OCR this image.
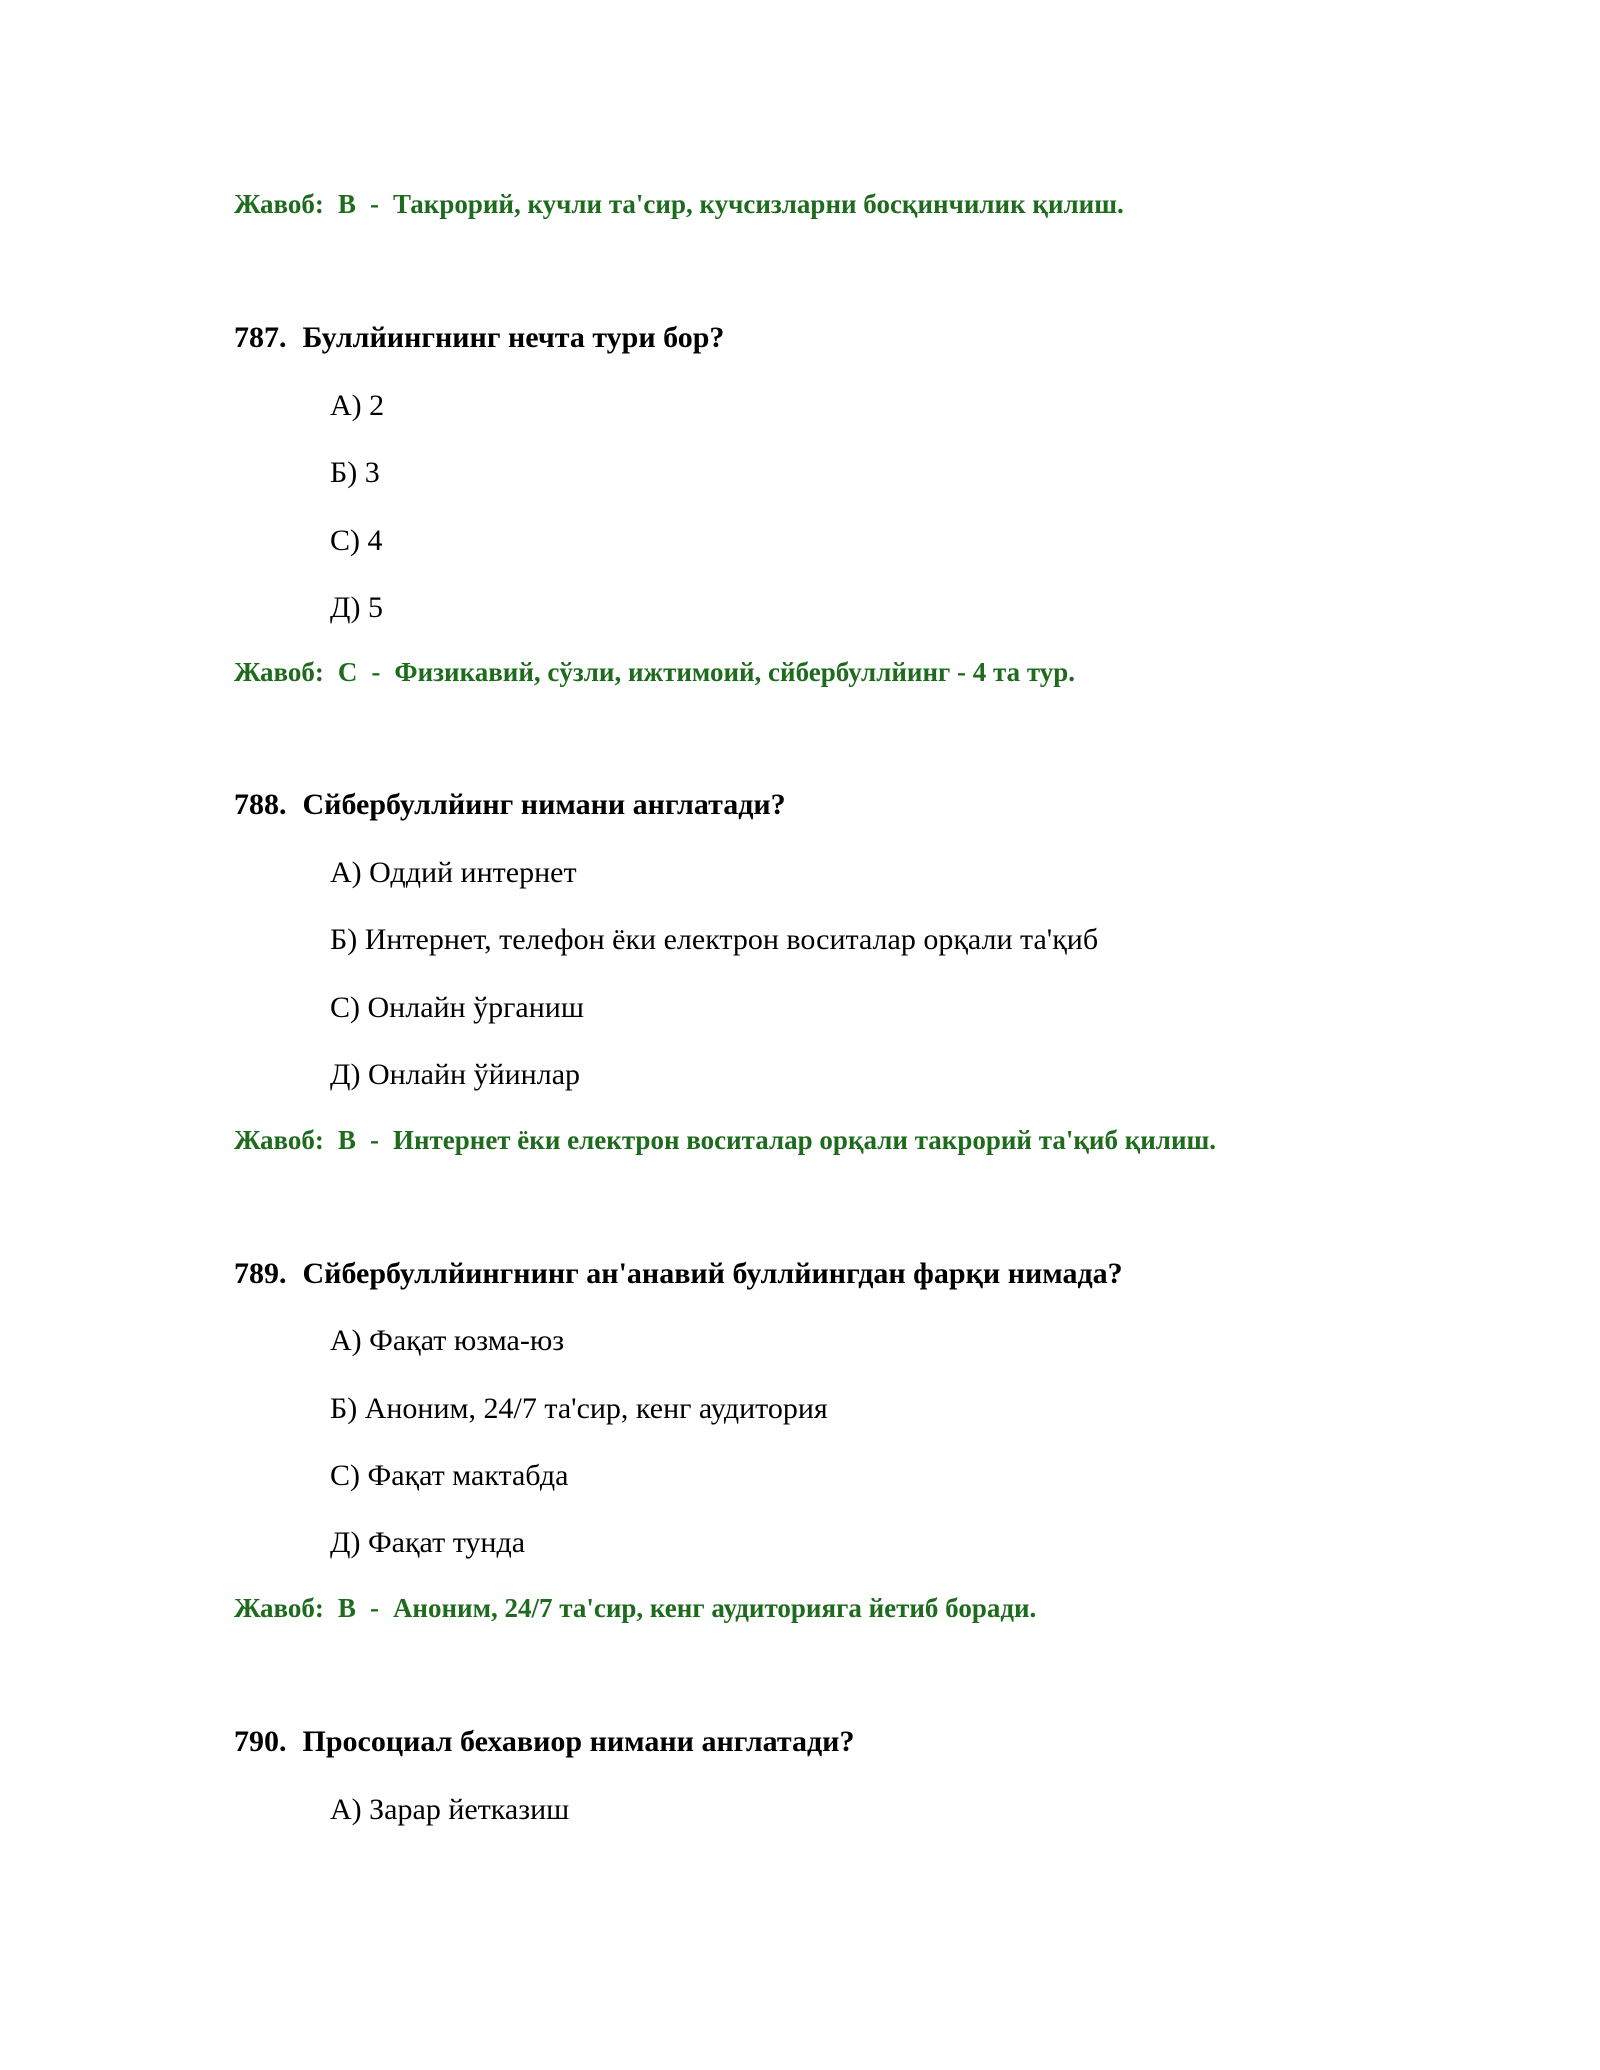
Жавоб: B - Такрорий, кучли та'сир, кучсизларни босқинчилик қилиш.
787. Буллйингнинг нечта тури бор?
A) 2
Б) 3
C) 4
Д) 5
Жавоб: C - Физикавий, сўзли, ижтимоий, сйбербуллйинг - 4 та тур.
788. Сйбербуллйинг нимани англатади?
A) Оддий интернет
Б) Интернет, телефон ёки електрон воситалар орқали та'қиб
C) Онлайн ўрганиш
Д) Онлайн ўйинлар
Жавоб: B - Интернет ёки електрон воситалар орқали такрорий та'қиб қилиш.
789. Сйбербуллйингнинг ан'анавий буллйингдан фарқи нимада?
A) Фақат юзма-юз
Б) Аноним, 24/7 та'сир, кенг аудитория
C) Фақат мактабда
Д) Фақат тунда
Жавоб: B - Аноним, 24/7 та'сир, кенг аудиторияга йетиб боради.
790. Просоциал бехавиор нимани англатади?
A) Зарар йетказиш
